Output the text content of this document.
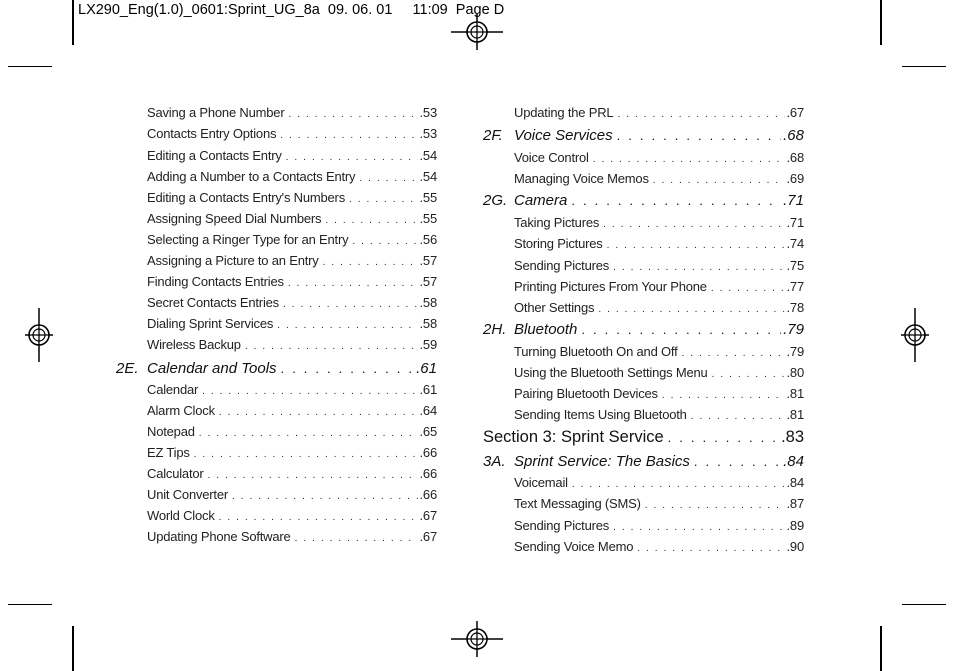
LX290_Eng(1.0)_0601:Sprint_UG_8a  09. 06. 01     11:09  Page D
Saving a Phone Number . . .	.53
Contacts Entry Options . . .	.53
Editing a Contacts Entry . . .	.54
Adding a Number to a Contacts Entry . . .	.54
Editing a Contacts Entry's Numbers . . .	.55
Assigning Speed Dial Numbers . . .	.55
Selecting a Ringer Type for an Entry . . .	.56
Assigning a Picture to an Entry . . .	.57
Finding Contacts Entries . . .	.57
Secret Contacts Entries . . .	.58
Dialing Sprint Services . . .	.58
Wireless Backup . . .	.59
2E. Calendar and Tools . . .	.61
Calendar . . .	.61
Alarm Clock . . .	.64
Notepad . . .	.65
EZ Tips . . .	.66
Calculator . . .	.66
Unit Converter . . .	.66
World Clock . . .	.67
Updating Phone Software . . .	.67
Updating the PRL . . .	.67
2F. Voice Services . . .	.68
Voice Control . . .	.68
Managing Voice Memos . . .	.69
2G. Camera . . .	.71
Taking Pictures . . .	.71
Storing Pictures . . .	.74
Sending Pictures . . .	.75
Printing Pictures From Your Phone . . .	.77
Other Settings . . .	.78
2H. Bluetooth . . .	.79
Turning Bluetooth On and Off . . .	.79
Using the Bluetooth Settings Menu . . .	.80
Pairing Bluetooth Devices . . .	.81
Sending Items Using Bluetooth . . .	.81
Section 3: Sprint Service . . .	.83
3A. Sprint Service: The Basics . . .	.84
Voicemail . . .	.84
Text Messaging (SMS) . . .	.87
Sending Pictures . . .	.89
Sending Voice Memo . . .	.90
